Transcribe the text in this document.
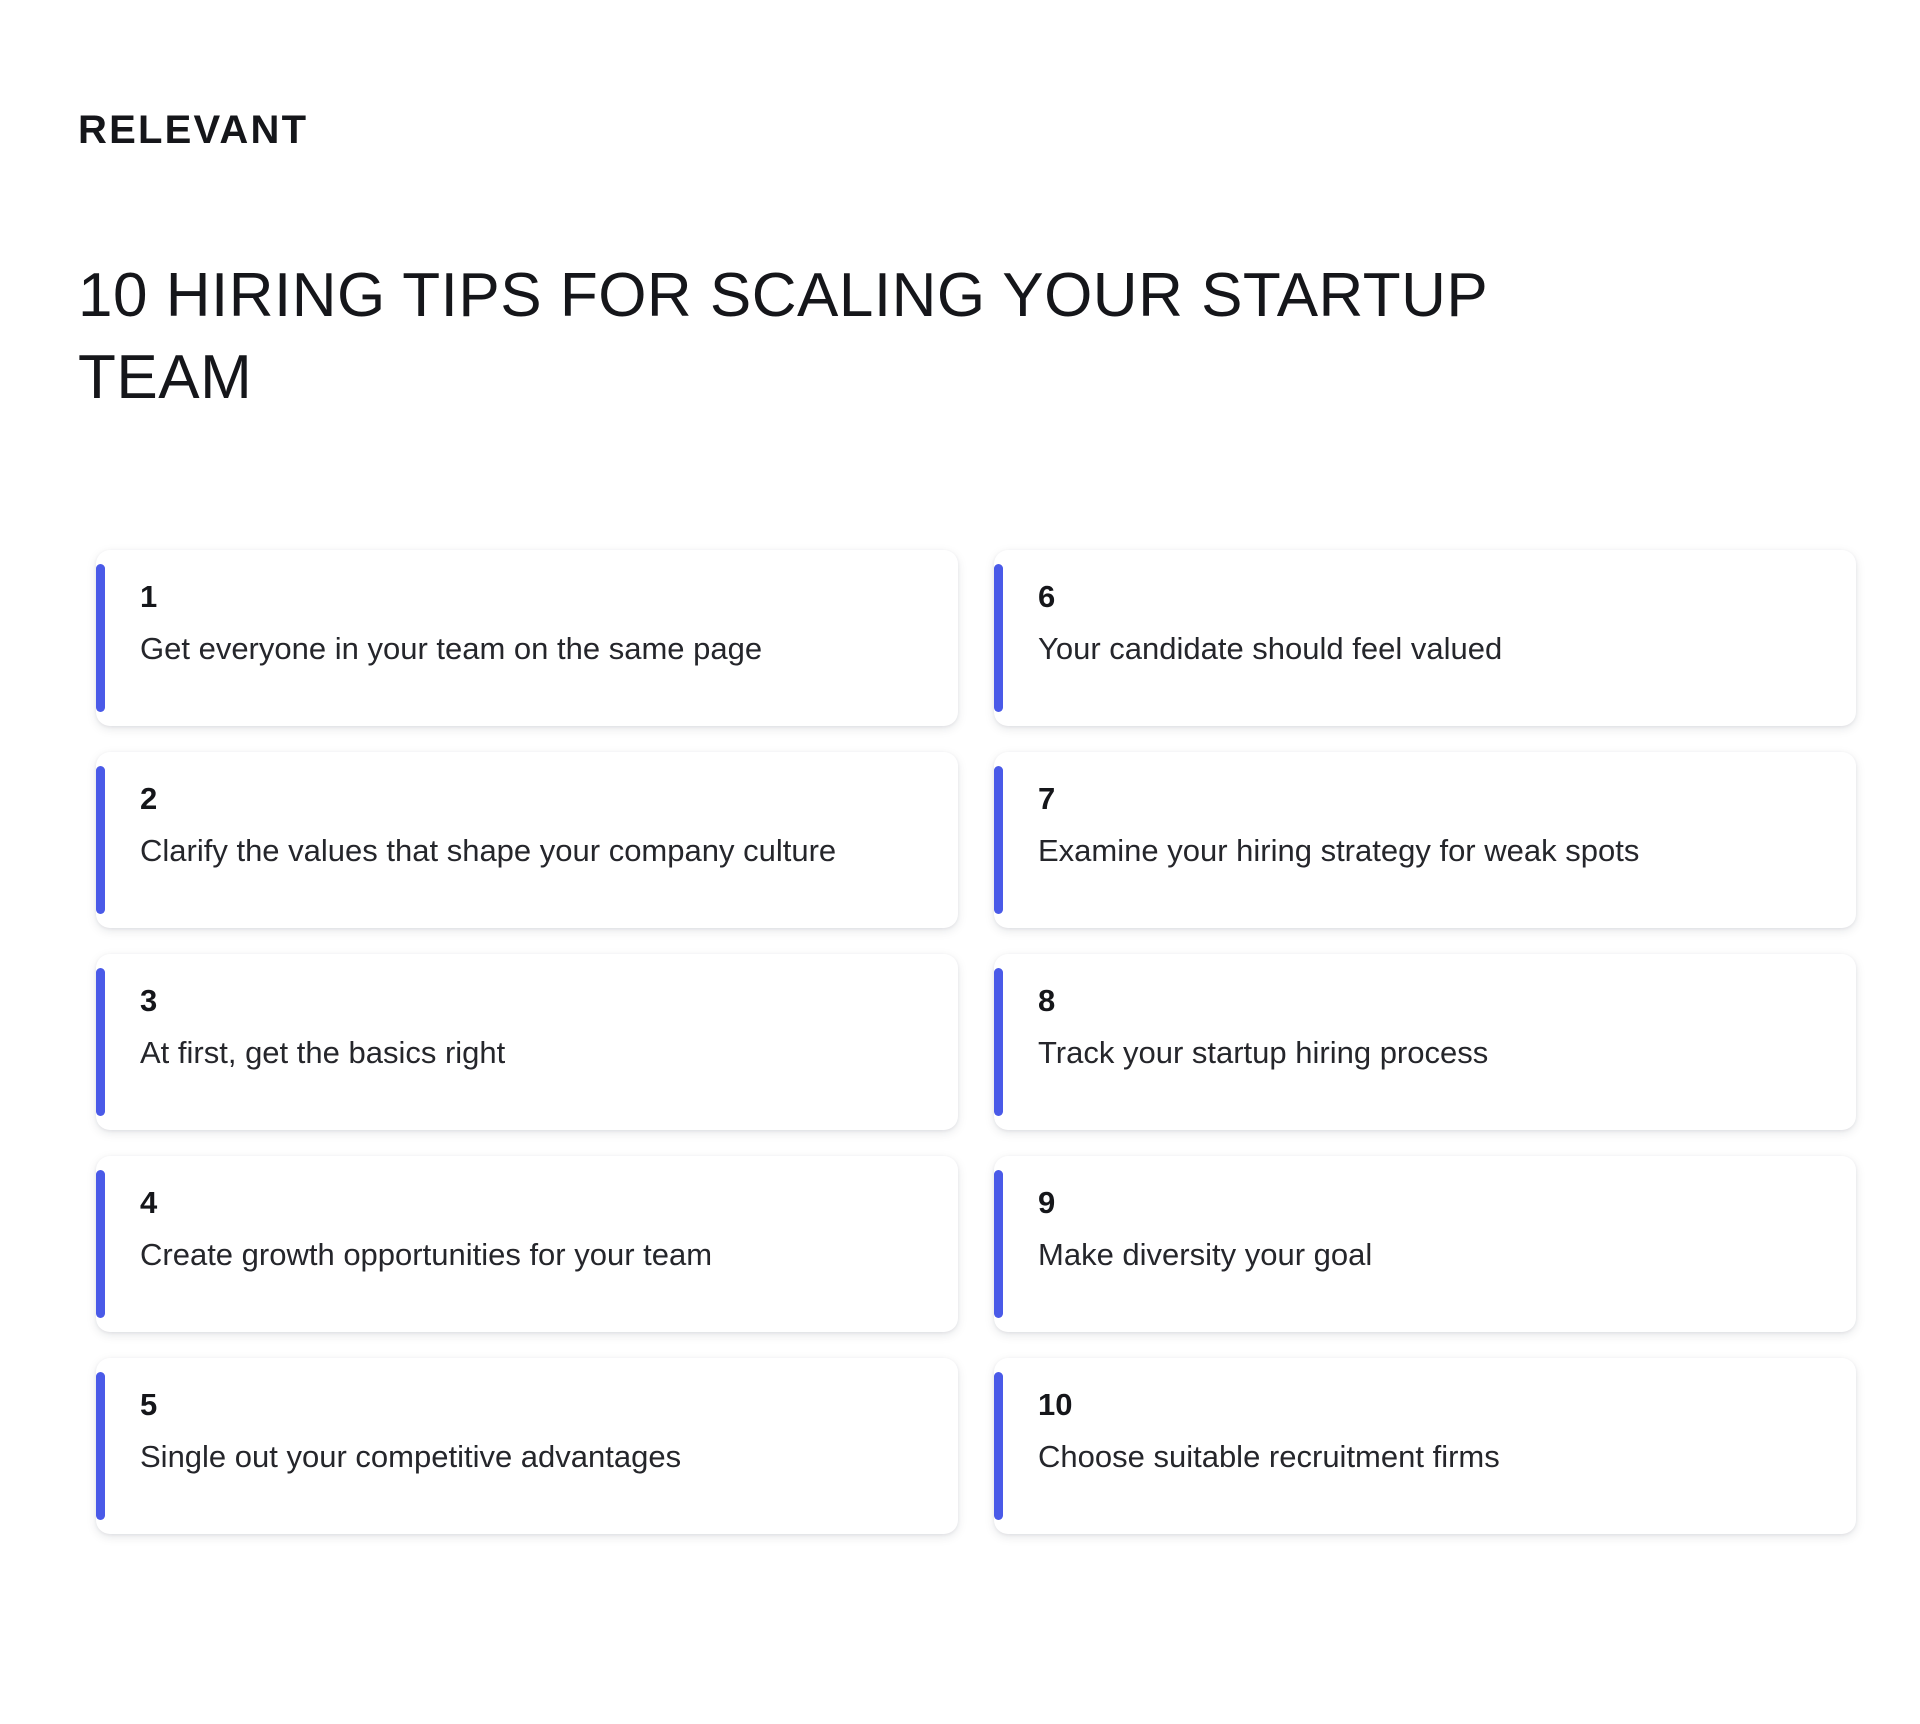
RELEVANT
10 HIRING TIPS FOR SCALING YOUR STARTUP TEAM
1
Get everyone in your team on the same page
6
Your candidate should feel valued
2
Clarify the values that shape your company culture
7
Examine your hiring strategy for weak spots
3
At first, get the basics right
8
Track your startup hiring process
4
Create growth opportunities for your team
9
Make diversity your goal
5
Single out your competitive advantages
10
Choose suitable recruitment firms
